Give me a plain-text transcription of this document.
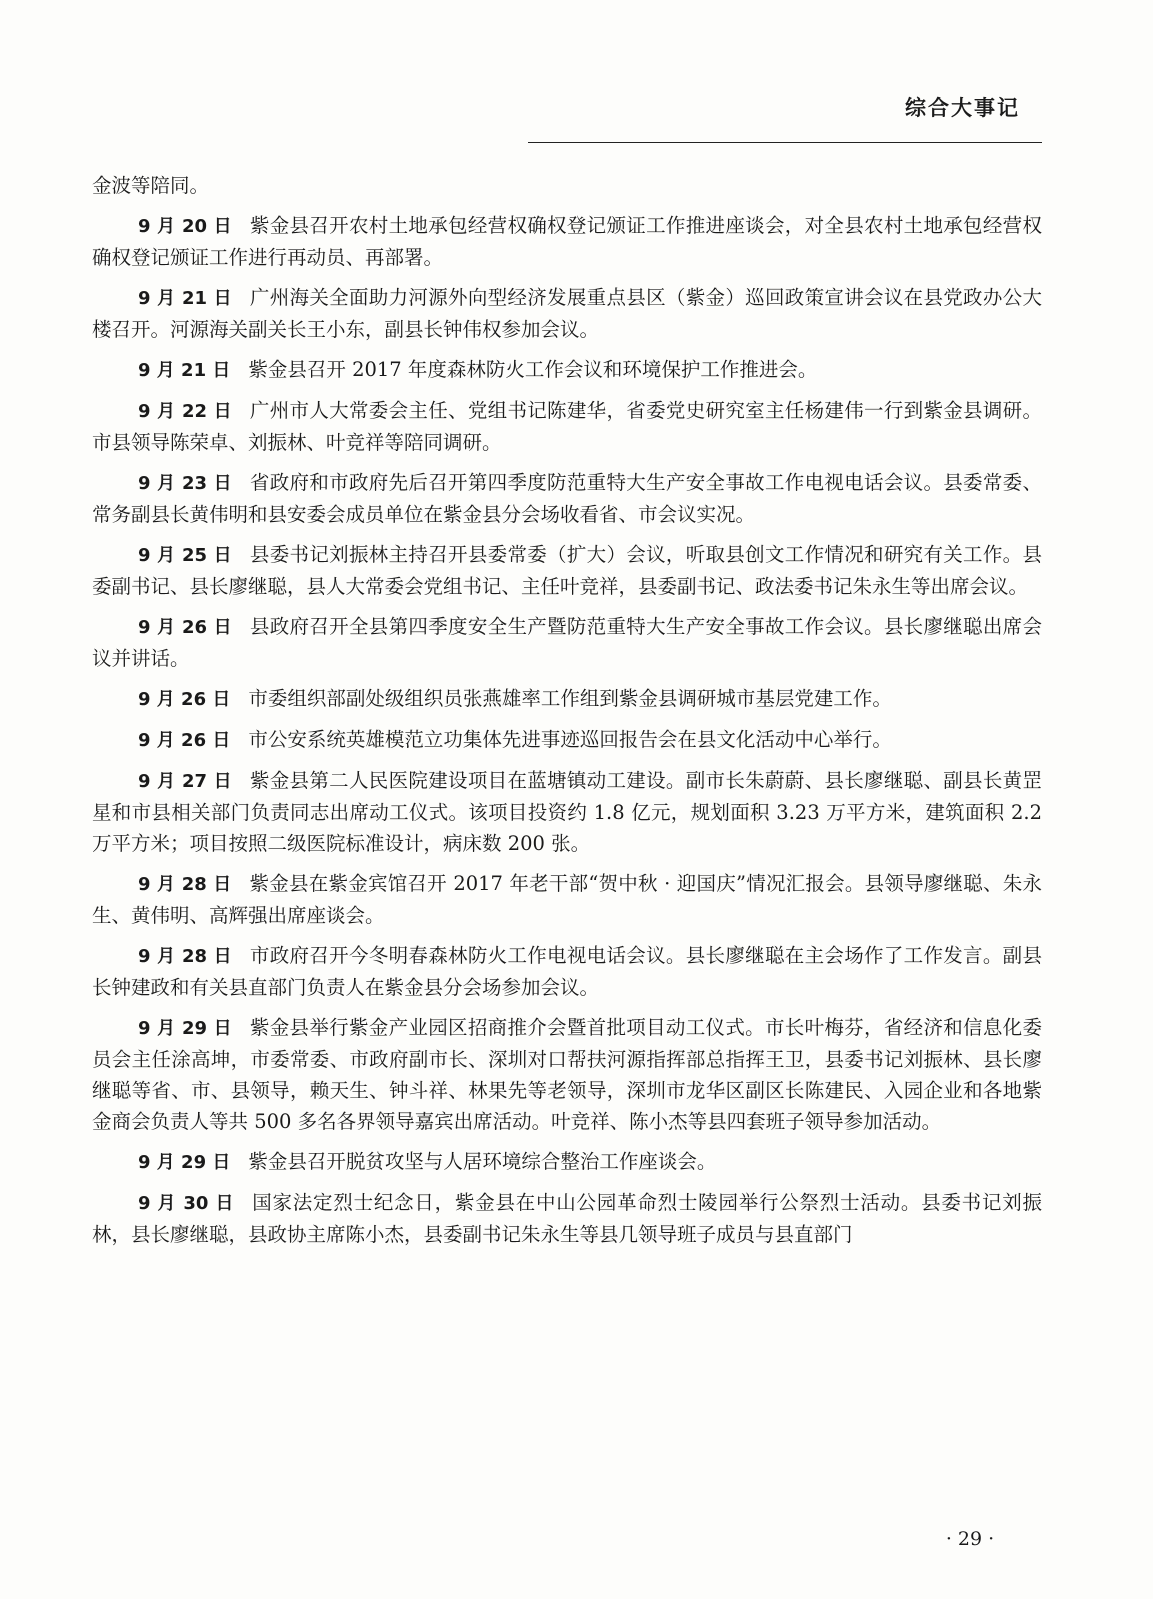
综合大事记

金波等陪同。

9 月 20 日 紫金县召开农村土地承包经营权确权登记颁证工作推进座谈会，对全县农村土地承包经营权确权登记颁证工作进行再动员、再部署。

9 月 21 日 广州海关全面助力河源外向型经济发展重点县区（紫金）巡回政策宣讲会议在县党政办公大楼召开。河源海关副关长王小东，副县长钟伟权参加会议。

9 月 21 日 紫金县召开 2017 年度森林防火工作会议和环境保护工作推进会。

9 月 22 日 广州市人大常委会主任、党组书记陈建华，省委党史研究室主任杨建伟一行到紫金县调研。市县领导陈荣卓、刘振林、叶竞祥等陪同调研。

9 月 23 日 省政府和市政府先后召开第四季度防范重特大生产安全事故工作电视电话会议。县委常委、常务副县长黄伟明和县安委会成员单位在紫金县分会场收看省、市会议实况。

9 月 25 日 县委书记刘振林主持召开县委常委（扩大）会议，听取县创文工作情况和研究有关工作。县委副书记、县长廖继聪，县人大常委会党组书记、主任叶竞祥，县委副书记、政法委书记朱永生等出席会议。

9 月 26 日 县政府召开全县第四季度安全生产暨防范重特大生产安全事故工作会议。县长廖继聪出席会议并讲话。

9 月 26 日 市委组织部副处级组织员张燕雄率工作组到紫金县调研城市基层党建工作。

9 月 26 日 市公安系统英雄模范立功集体先进事迹巡回报告会在县文化活动中心举行。

9 月 27 日 紫金县第二人民医院建设项目在蓝塘镇动工建设。副市长朱蔚蔚、县长廖继聪、副县长黄罡星和市县相关部门负责同志出席动工仪式。该项目投资约 1.8 亿元，规划面积 3.23 万平方米，建筑面积 2.2 万平方米；项目按照二级医院标准设计，病床数 200 张。

9 月 28 日 紫金县在紫金宾馆召开 2017 年老干部“贺中秋 · 迎国庆”情况汇报会。县领导廖继聪、朱永生、黄伟明、高辉强出席座谈会。

9 月 28 日 市政府召开今冬明春森林防火工作电视电话会议。县长廖继聪在主会场作了工作发言。副县长钟建政和有关县直部门负责人在紫金县分会场参加会议。

9 月 29 日 紫金县举行紫金产业园区招商推介会暨首批项目动工仪式。市长叶梅芬，省经济和信息化委员会主任涂高坤，市委常委、市政府副市长、深圳对口帮扶河源指挥部总指挥王卫，县委书记刘振林、县长廖继聪等省、市、县领导，赖天生、钟斗祥、林果先等老领导，深圳市龙华区副区长陈建民、入园企业和各地紫金商会负责人等共 500 多名各界领导嘉宾出席活动。叶竞祥、陈小杰等县四套班子领导参加活动。

9 月 29 日 紫金县召开脱贫攻坚与人居环境综合整治工作座谈会。

9 月 30 日 国家法定烈士纪念日，紫金县在中山公园革命烈士陵园举行公祭烈士活动。县委书记刘振林，县长廖继聪，县政协主席陈小杰，县委副书记朱永生等县几领导班子成员与县直部门

· 29 ·
